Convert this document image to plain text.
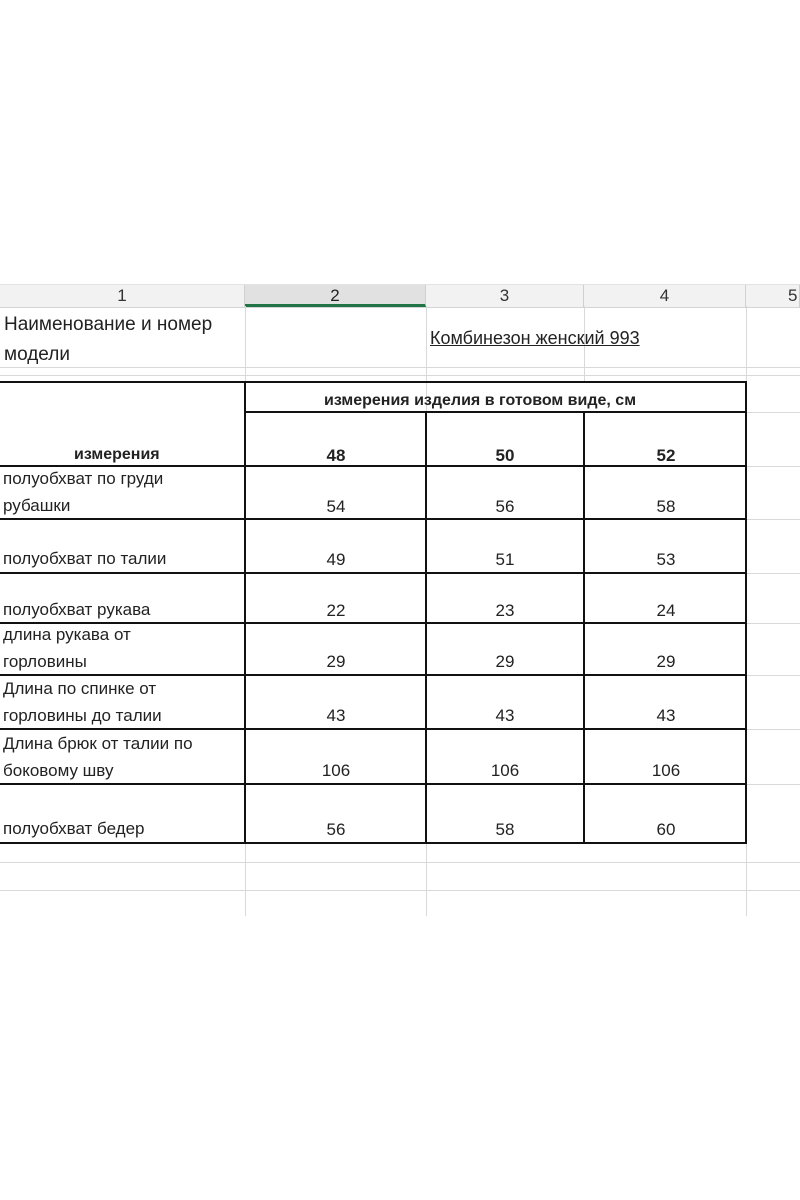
1	2	3	4	5
Наименование и номер
модели
Комбинезон женский 993
измерения изделия в готовом виде, см
измерения	48	50	52
полуобхват по груди
рубашки	54	56	58
полуобхват по талии	49	51	53
полуобхват рукава	22	23	24
длина рукава от
горловины	29	29	29
Длина по спинке от
горловины до талии	43	43	43
Длина брюк от талии по
боковому шву	106	106	106
полуобхват бедер	56	58	60
